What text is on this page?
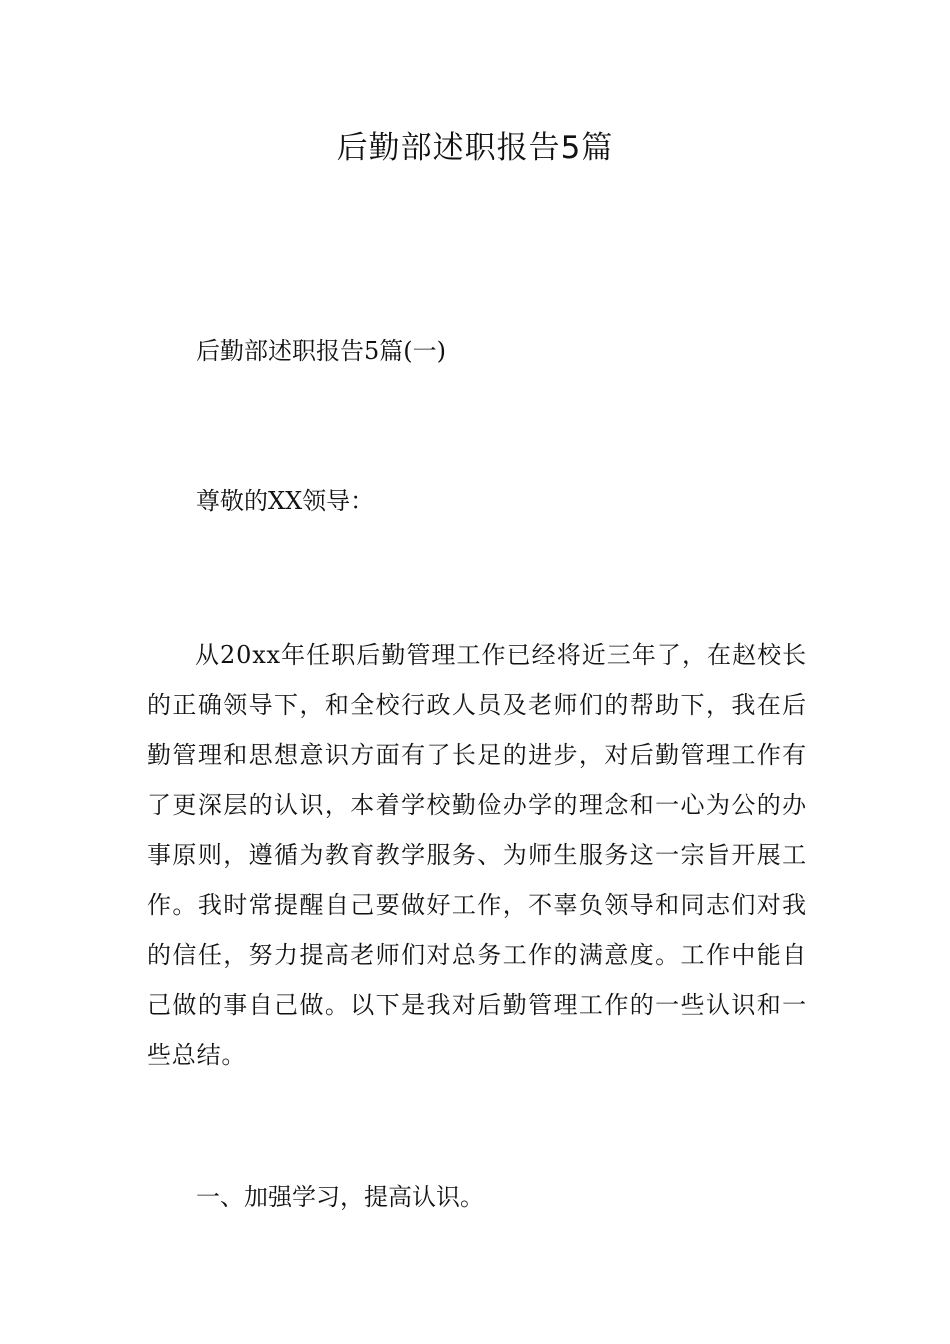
后勤部述职报告5篇

后勤部述职报告5篇(一)

尊敬的XX领导：

从20xx年任职后勤管理工作已经将近三年了，在赵校长的正确领导下，和全校行政人员及老师们的帮助下，我在后勤管理和思想意识方面有了长足的进步，对后勤管理工作有了更深层的认识，本着学校勤俭办学的理念和一心为公的办事原则，遵循为教育教学服务、为师生服务这一宗旨开展工作。我时常提醒自己要做好工作，不辜负领导和同志们对我的信任，努力提高老师们对总务工作的满意度。工作中能自己做的事自己做。以下是我对后勤管理工作的一些认识和一些总结。

一、加强学习，提高认识。
